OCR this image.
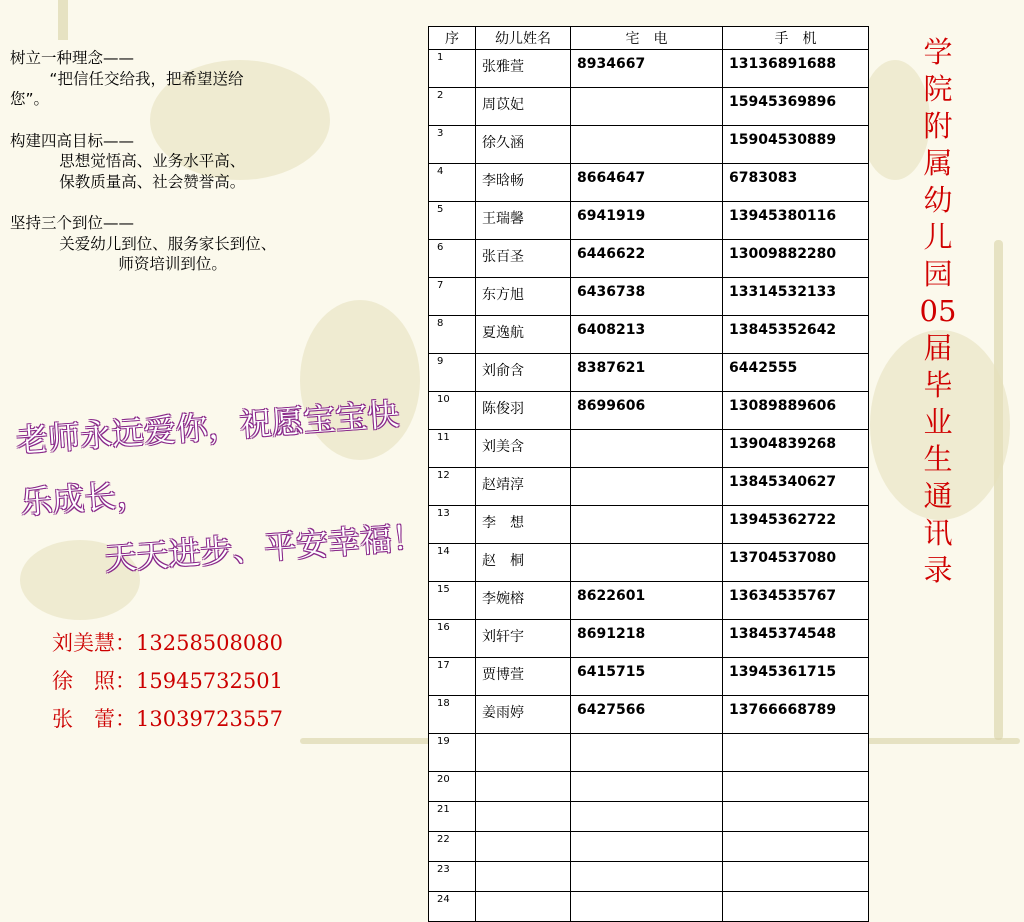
树立一种理念——

“把信任交给我，把希望送给

您”。

构建四高目标——

思想觉悟高、业务水平高、

保教质量高、社会赞誉高。

坚持三个到位——

关爱幼儿到位、服务家长到位、

师资培训到位。

老师永远爱你，祝愿宝宝快乐成长，
天天进步、平安幸福！
刘美慧：13258508080
徐　照：15945732501
张　蕾：13039723557
序	幼儿姓名	宅　电	手　机
1	张雅萱	8934667	13136891688
2	周苡妃		15945369896
3	徐久涵		15904530889
4	李晗畅	8664647	6783083
5	王瑞馨	6941919	13945380116
6	张百圣	6446622	13009882280
7	东方旭	6436738	13314532133
8	夏逸航	6408213	13845352642
9	刘俞含	8387621	6442555
10	陈俊羽	8699606	13089889606
11	刘美含		13904839268
12	赵靖淳		13845340627
13	李　想		13945362722
14	赵　桐		13704537080
15	李婉榕	8622601	13634535767
16	刘轩宇	8691218	13845374548
17	贾博萱	6415715	13945361715
18	姜雨婷	6427566	13766668789
19			
20			
21			
22			
23			
24			
学
院
附
属
幼
儿
园
05
届
毕
业
生
通
讯
录
